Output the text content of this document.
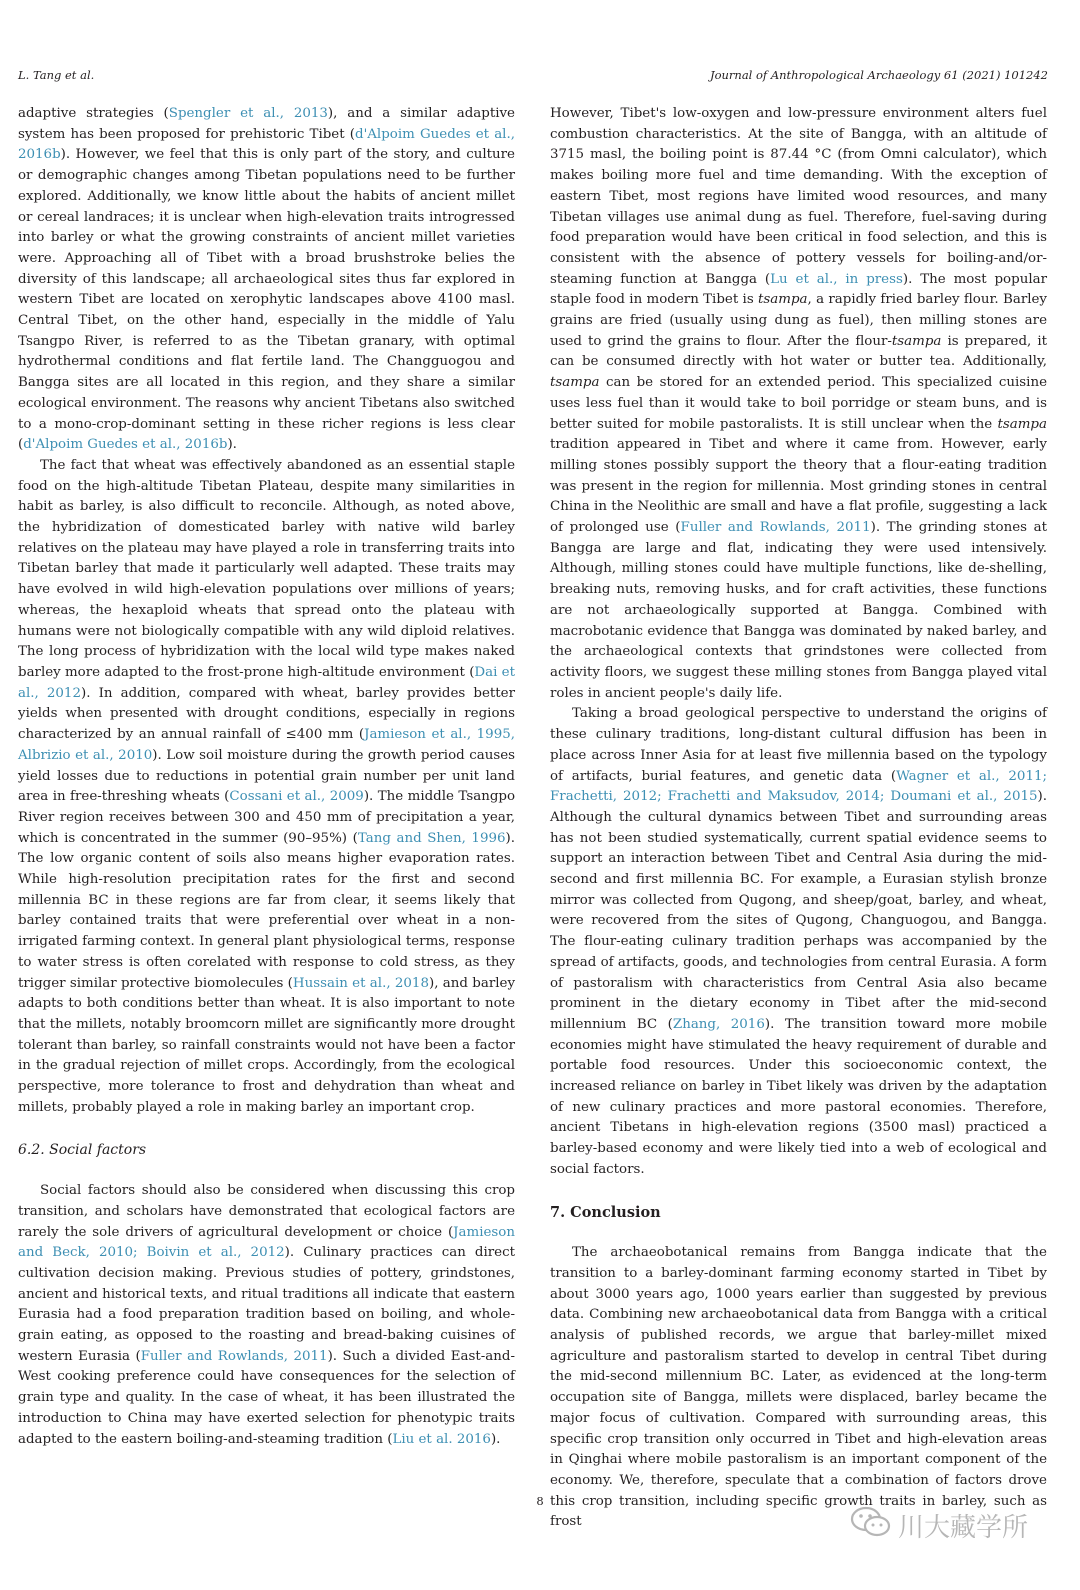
L. Tang et al.	Journal of Anthropological Archaeology 61 (2021) 101242

adaptive strategies (Spengler et al., 2013), and a similar adaptive system has been proposed for prehistoric Tibet (d'Alpoim Guedes et al., 2016b). However, we feel that this is only part of the story, and culture or demographic changes among Tibetan populations need to be further explored. Additionally, we know little about the habits of ancient millet or cereal landraces; it is unclear when high-elevation traits introgressed into barley or what the growing constraints of ancient millet varieties were. Approaching all of Tibet with a broad brushstroke belies the diversity of this landscape; all archaeological sites thus far explored in western Tibet are located on xerophytic landscapes above 4100 masl. Central Tibet, on the other hand, especially in the middle of Yalu Tsangpo River, is referred to as the Tibetan granary, with optimal hydrothermal conditions and flat fertile land. The Changguogou and Bangga sites are all located in this region, and they share a similar ecological environment. The reasons why ancient Tibetans also switched to a mono-crop-dominant setting in these richer regions is less clear (d'Alpoim Guedes et al., 2016b).

The fact that wheat was effectively abandoned as an essential staple food on the high-altitude Tibetan Plateau, despite many similarities in habit as barley, is also difficult to reconcile. Although, as noted above, the hybridization of domesticated barley with native wild barley relatives on the plateau may have played a role in transferring traits into Tibetan barley that made it particularly well adapted. These traits may have evolved in wild high-elevation populations over millions of years; whereas, the hexaploid wheats that spread onto the plateau with humans were not biologically compatible with any wild diploid relatives. The long process of hybridization with the local wild type makes naked barley more adapted to the frost-prone high-altitude environment (Dai et al., 2012). In addition, compared with wheat, barley provides better yields when presented with drought conditions, especially in regions characterized by an annual rainfall of ≤400 mm (Jamieson et al., 1995, Albrizio et al., 2010). Low soil moisture during the growth period causes yield losses due to reductions in potential grain number per unit land area in free-threshing wheats (Cossani et al., 2009). The middle Tsangpo River region receives between 300 and 450 mm of precipitation a year, which is concentrated in the summer (90–95%) (Tang and Shen, 1996). The low organic content of soils also means higher evaporation rates. While high-resolution precipitation rates for the first and second millennia BC in these regions are far from clear, it seems likely that barley contained traits that were preferential over wheat in a non-irrigated farming context. In general plant physiological terms, response to water stress is often corelated with response to cold stress, as they trigger similar protective biomolecules (Hussain et al., 2018), and barley adapts to both conditions better than wheat. It is also important to note that the millets, notably broomcorn millet are significantly more drought tolerant than barley, so rainfall constraints would not have been a factor in the gradual rejection of millet crops. Accordingly, from the ecological perspective, more tolerance to frost and dehydration than wheat and millets, probably played a role in making barley an important crop.

6.2. Social factors

Social factors should also be considered when discussing this crop transition, and scholars have demonstrated that ecological factors are rarely the sole drivers of agricultural development or choice (Jamieson and Beck, 2010; Boivin et al., 2012). Culinary practices can direct cultivation decision making. Previous studies of pottery, grindstones, ancient and historical texts, and ritual traditions all indicate that eastern Eurasia had a food preparation tradition based on boiling, and whole-grain eating, as opposed to the roasting and bread-baking cuisines of western Eurasia (Fuller and Rowlands, 2011). Such a divided East-and-West cooking preference could have consequences for the selection of grain type and quality. In the case of wheat, it has been illustrated the introduction to China may have exerted selection for phenotypic traits adapted to the eastern boiling-and-steaming tradition (Liu et al. 2016).

However, Tibet's low-oxygen and low-pressure environment alters fuel combustion characteristics. At the site of Bangga, with an altitude of 3715 masl, the boiling point is 87.44 °C (from Omni calculator), which makes boiling more fuel and time demanding. With the exception of eastern Tibet, most regions have limited wood resources, and many Tibetan villages use animal dung as fuel. Therefore, fuel-saving during food preparation would have been critical in food selection, and this is consistent with the absence of pottery vessels for boiling-and/or-steaming function at Bangga (Lu et al., in press). The most popular staple food in modern Tibet is tsampa, a rapidly fried barley flour. Barley grains are fried (usually using dung as fuel), then milling stones are used to grind the grains to flour. After the flour-tsampa is prepared, it can be consumed directly with hot water or butter tea. Additionally, tsampa can be stored for an extended period. This specialized cuisine uses less fuel than it would take to boil porridge or steam buns, and is better suited for mobile pastoralists. It is still unclear when the tsampa tradition appeared in Tibet and where it came from. However, early milling stones possibly support the theory that a flour-eating tradition was present in the region for millennia. Most grinding stones in central China in the Neolithic are small and have a flat profile, suggesting a lack of prolonged use (Fuller and Rowlands, 2011). The grinding stones at Bangga are large and flat, indicating they were used intensively. Although, milling stones could have multiple functions, like de-shelling, breaking nuts, removing husks, and for craft activities, these functions are not archaeologically supported at Bangga. Combined with macrobotanic evidence that Bangga was dominated by naked barley, and the archaeological contexts that grindstones were collected from activity floors, we suggest these milling stones from Bangga played vital roles in ancient people's daily life.

Taking a broad geological perspective to understand the origins of these culinary traditions, long-distant cultural diffusion has been in place across Inner Asia for at least five millennia based on the typology of artifacts, burial features, and genetic data (Wagner et al., 2011; Frachetti, 2012; Frachetti and Maksudov, 2014; Doumani et al., 2015). Although the cultural dynamics between Tibet and surrounding areas has not been studied systematically, current spatial evidence seems to support an interaction between Tibet and Central Asia during the mid-second and first millennia BC. For example, a Eurasian stylish bronze mirror was collected from Qugong, and sheep/goat, barley, and wheat, were recovered from the sites of Qugong, Changuogou, and Bangga. The flour-eating culinary tradition perhaps was accompanied by the spread of artifacts, goods, and technologies from central Eurasia. A form of pastoralism with characteristics from Central Asia also became prominent in the dietary economy in Tibet after the mid-second millennium BC (Zhang, 2016). The transition toward more mobile economies might have stimulated the heavy requirement of durable and portable food resources. Under this socioeconomic context, the increased reliance on barley in Tibet likely was driven by the adaptation of new culinary practices and more pastoral economies. Therefore, ancient Tibetans in high-elevation regions (3500 masl) practiced a barley-based economy and were likely tied into a web of ecological and social factors.

7. Conclusion

The archaeobotanical remains from Bangga indicate that the transition to a barley-dominant farming economy started in Tibet by about 3000 years ago, 1000 years earlier than suggested by previous data. Combining new archaeobotanical data from Bangga with a critical analysis of published records, we argue that barley-millet mixed agriculture and pastoralism started to develop in central Tibet during the mid-second millennium BC. Later, as evidenced at the long-term occupation site of Bangga, millets were displaced, barley became the major focus of cultivation. Compared with surrounding areas, this specific crop transition only occurred in Tibet and high-elevation areas in Qinghai where mobile pastoralism is an important component of the economy. We, therefore, speculate that a combination of factors drove this crop transition, including specific growth traits in barley, such as frost

8
川大藏学所
